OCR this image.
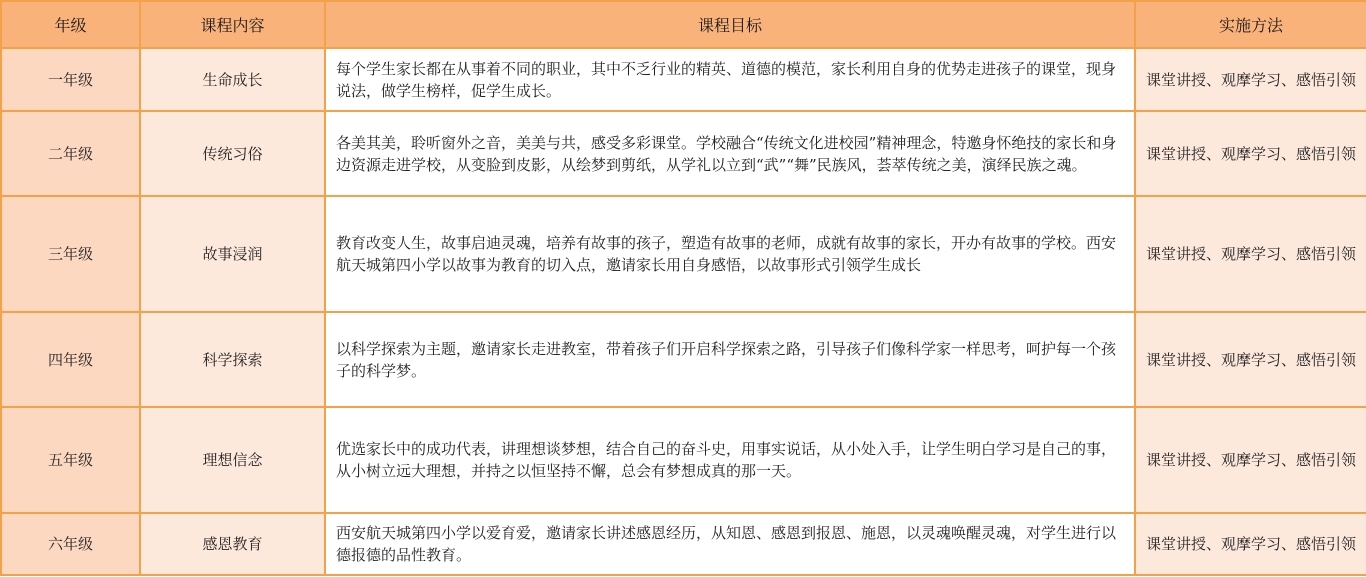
年级	课程内容	课程目标	实施方法
一年级	生命成长	每个学生家长都在从事着不同的职业，其中不乏行业的精英、道德的模范，家长利用自身的优势走进孩子的课堂，现身说法，做学生榜样，促学生成长。	课堂讲授、观摩学习、感悟引领
二年级	传统习俗	各美其美，聆听窗外之音，美美与共，感受多彩课堂。学校融合“传统文化进校园”精神理念，特邀身怀绝技的家长和身边资源走进学校，从变脸到皮影，从绘梦到剪纸，从学礼以立到“武”“舞”民族风，荟萃传统之美，演绎民族之魂。	课堂讲授、观摩学习、感悟引领
三年级	故事浸润	教育改变人生，故事启迪灵魂，培养有故事的孩子，塑造有故事的老师，成就有故事的家长，开办有故事的学校。西安航天城第四小学以故事为教育的切入点，邀请家长用自身感悟，以故事形式引领学生成长	课堂讲授、观摩学习、感悟引领
四年级	科学探索	以科学探索为主题，邀请家长走进教室，带着孩子们开启科学探索之路，引导孩子们像科学家一样思考，呵护每一个孩子的科学梦。	课堂讲授、观摩学习、感悟引领
五年级	理想信念	优选家长中的成功代表，讲理想谈梦想，结合自己的奋斗史，用事实说话，从小处入手，让学生明白学习是自己的事，从小树立远大理想，并持之以恒坚持不懈，总会有梦想成真的那一天。	课堂讲授、观摩学习、感悟引领
六年级	感恩教育	西安航天城第四小学以爱育爱，邀请家长讲述感恩经历，从知恩、感恩到报恩、施恩，以灵魂唤醒灵魂，对学生进行以德报德的品性教育。	课堂讲授、观摩学习、感悟引领
